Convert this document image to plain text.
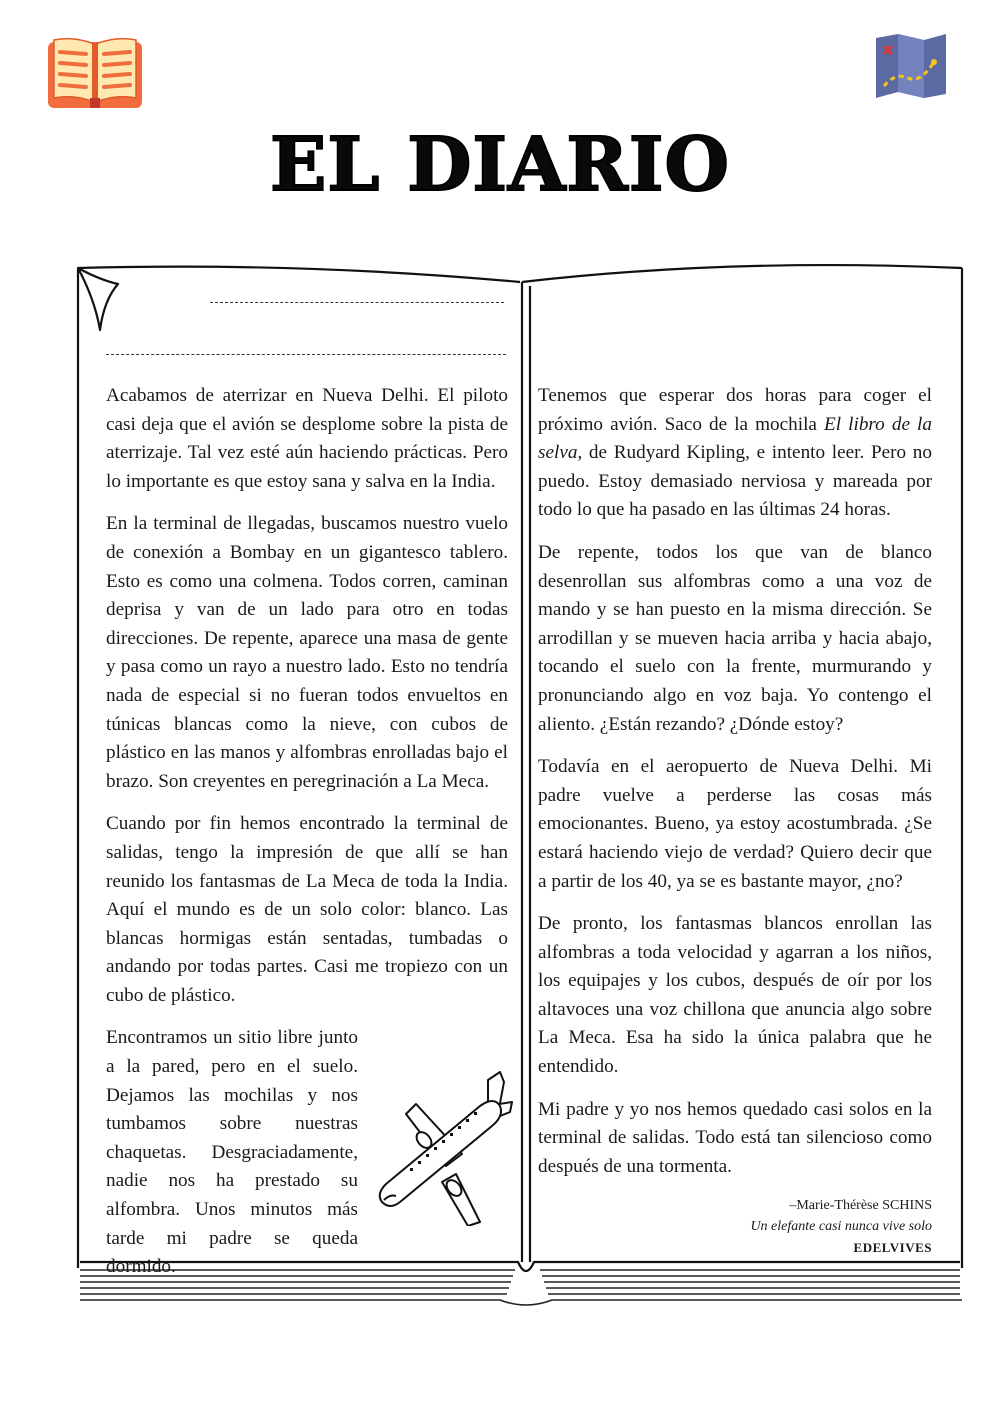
EL DIARIO

Acabamos de aterrizar en Nueva Delhi. El piloto casi deja que el avión se desplome sobre la pista de aterrizaje. Tal vez esté aún haciendo prácticas. Pero lo importante es que estoy sana y salva en la India.

En la terminal de llegadas, buscamos nuestro vuelo de conexión a Bombay en un gigantesco tablero. Esto es como una colmena. Todos corren, caminan deprisa y van de un lado para otro en todas direcciones. De repente, aparece una masa de gente y pasa como un rayo a nuestro lado. Esto no tendría nada de especial si no fueran todos envueltos en túnicas blancas como la nieve, con cubos de plástico en las manos y alfombras enrolladas bajo el brazo. Son creyentes en peregrinación a La Meca.

Cuando por fin hemos encontrado la terminal de salidas, tengo la impresión de que allí se han reunido los fantasmas de La Meca de toda la India. Aquí el mundo es de un solo color: blanco. Las blancas hormigas están sentadas, tumbadas o andando por todas partes. Casi me tropiezo con un cubo de plástico.

Encontramos un sitio libre junto a la pared, pero en el suelo. Dejamos las mochilas y nos tumbamos sobre nuestras chaquetas. Desgraciadamente, nadie nos ha prestado su alfombra. Unos minutos más tarde mi padre se queda dormido.

Tenemos que esperar dos horas para coger el próximo avión. Saco de la mochila El libro de la selva, de Rudyard Kipling, e intento leer. Pero no puedo. Estoy demasiado nerviosa y mareada por todo lo que ha pasado en las últimas 24 horas.

De repente, todos los que van de blanco desenrollan sus alfombras como a una voz de mando y se han puesto en la misma dirección. Se arrodillan y se mueven hacia arriba y hacia abajo, tocando el suelo con la frente, murmurando y pronunciando algo en voz baja. Yo contengo el aliento. ¿Están rezando? ¿Dónde estoy?

Todavía en el aeropuerto de Nueva Delhi. Mi padre vuelve a perderse las cosas más emocionantes. Bueno, ya estoy acostumbrada. ¿Se estará haciendo viejo de verdad? Quiero decir que a partir de los 40, ya se es bastante mayor, ¿no?

De pronto, los fantasmas blancos enrollan las alfombras a toda velocidad y agarran a los niños, los equipajes y los cubos, después de oír por los altavoces una voz chillona que anuncia algo sobre La Meca. Esa ha sido la única palabra que he entendido.

Mi padre y yo nos hemos quedado casi solos en la terminal de salidas. Todo está tan silencioso como después de una tormenta.

–Marie-Thérèse SCHINS
Un elefante casi nunca vive solo
EDELVIVES
